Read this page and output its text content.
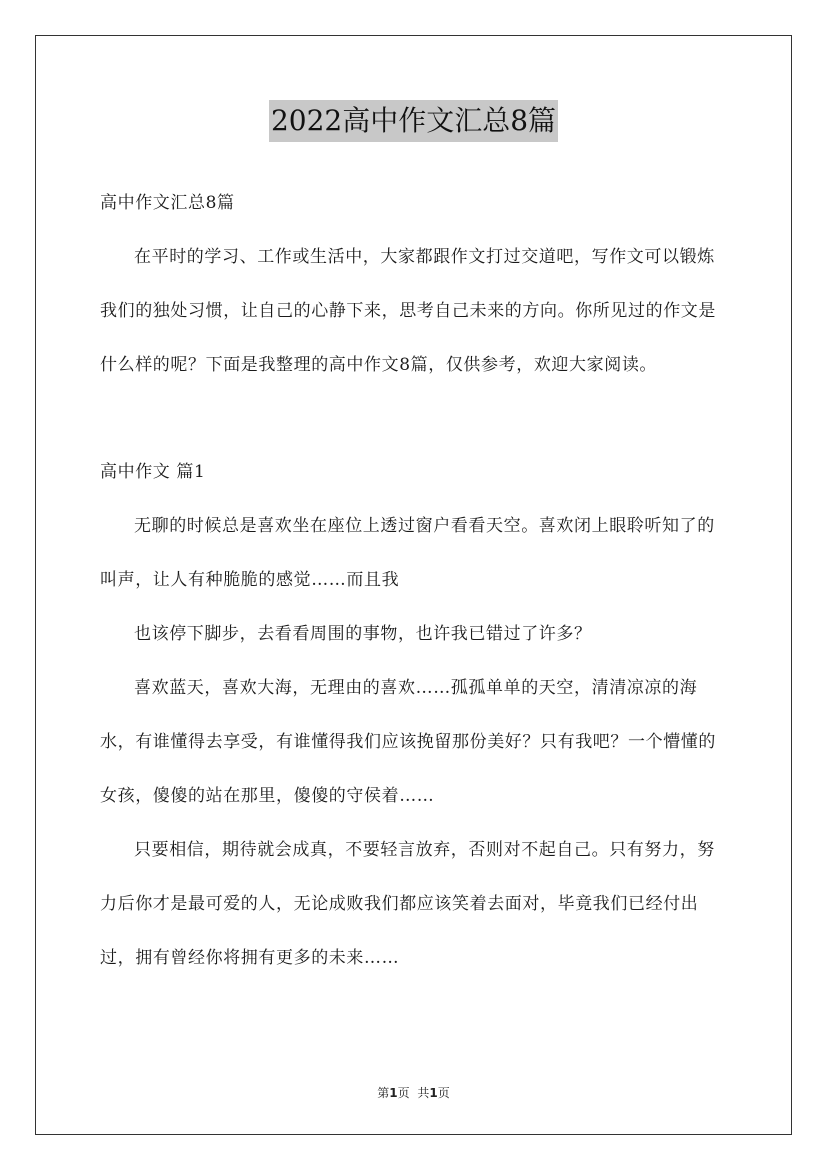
2022高中作文汇总8篇

高中作文汇总8篇

在平时的学习、工作或生活中，大家都跟作文打过交道吧，写作文可以锻炼我们的独处习惯，让自己的心静下来，思考自己未来的方向。你所见过的作文是什么样的呢？下面是我整理的高中作文8篇，仅供参考，欢迎大家阅读。

高中作文 篇1

无聊的时候总是喜欢坐在座位上透过窗户看看天空。喜欢闭上眼聆听知了的叫声，让人有种脆脆的感觉……而且我

也该停下脚步，去看看周围的事物，也许我已错过了许多？

喜欢蓝天，喜欢大海，无理由的喜欢……孤孤单单的天空，清清凉凉的海水，有谁懂得去享受，有谁懂得我们应该挽留那份美好？只有我吧？一个懵懂的女孩，傻傻的站在那里，傻傻的守侯着……

只要相信，期待就会成真，不要轻言放弃，否则对不起自己。只有努力，努力后你才是最可爱的人，无论成败我们都应该笑着去面对，毕竟我们已经付出过，拥有曾经你将拥有更多的未来……

第1页 共1页
